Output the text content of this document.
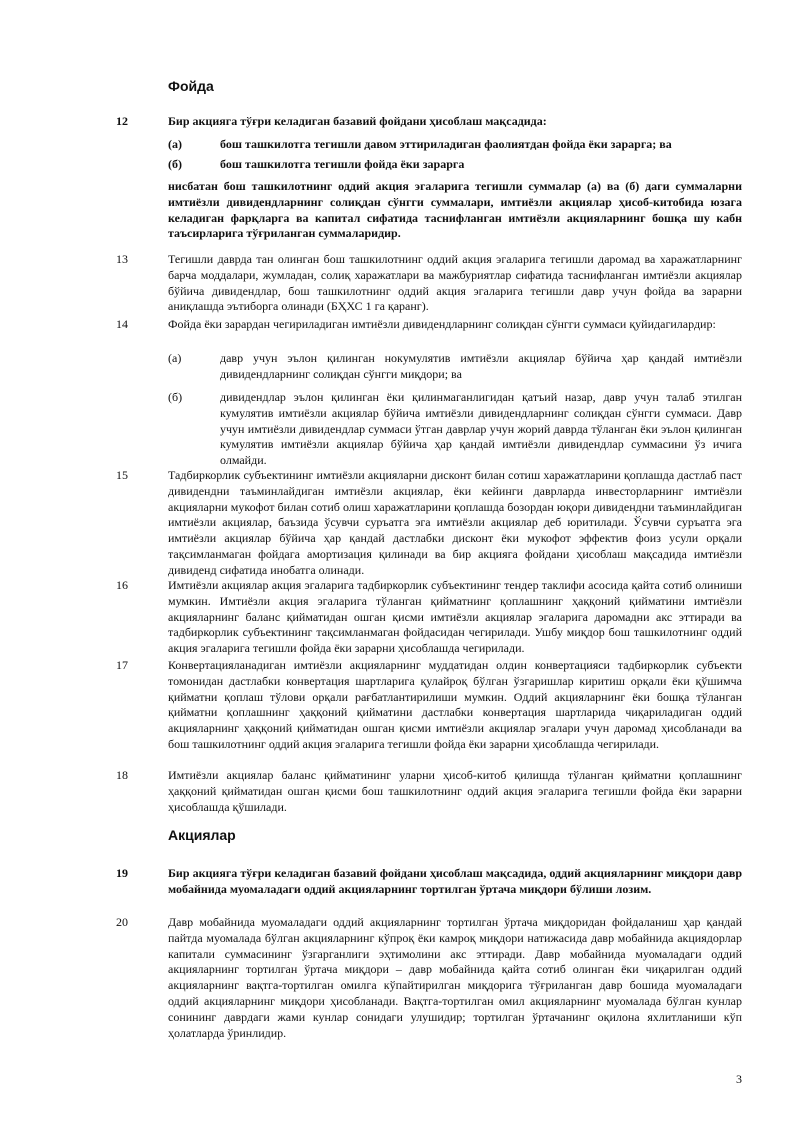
Фойда
12	Бир акцияга тўғри келадиган базавий фойдани ҳисоблаш мақсадида:
(а)	бош ташкилотга тегишли давом эттириладиган фаолиятдан фойда ёки зарарга; ва
(б)	бош ташкилотга тегишли фойда ёки зарарга
нисбатан бош ташкилотнинг оддий акция эгаларига тегишли суммалар (а) ва (б) даги суммаларни имтиёзли дивидендларнинг солиқдан сўнгги суммалари, имтиёзли акциялар ҳисоб-китобида юзага келадиган фарқларга ва капитал сифатида таснифланган имтиёзли акцияларнинг бошқа шу кабн таъсирларига тўғриланган суммаларидир.
13	Тегишли даврда тан олинган бош ташкилотнинг оддий акция эгаларига тегишли даромад ва харажатларнинг барча моддалари, жумладан, солиқ харажатлари ва мажбуриятлар сифатида таснифланган имтиёзли акциялар бўйича дивидендлар, бош ташкилотнинг оддий акция эгаларига тегишли давр учун фойда ва зарарни аниқлашда эътиборга олинади (БҲХС 1 га қаранг).
14	Фойда ёки зарардан чегириладиган имтиёзли дивидендларнинг солиқдан сўнгги суммаси қуйидагилардир:
(а)	давр учун эълон қилинган нокумулятив имтиёзли акциялар бўйича ҳар қандай имтиёзли дивидендларнинг солиқдан сўнгги миқдори; ва
(б)	дивидендлар эълон қилинган ёки қилинмаганлигидан қатъий назар, давр учун талаб этилган кумулятив имтиёзли акциялар бўйича имтиёзли дивидендларнинг солиқдан сўнгги суммаси. Давр учун имтиёзли дивидендлар суммаси ўтган даврлар учун жорий даврда тўланган ёки эълон қилинган кумулятив имтиёзли акциялар бўйича ҳар қандай имтиёзли дивидендлар суммасини ўз ичига олмайди.
15	Тадбиркорлик субъектининг имтиёзли акцияларни дисконт билан сотиш харажатларини қоплашда дастлаб паст дивидендни таъминлайдиган имтиёзли акциялар, ёки кейинги даврларда инвесторларнинг имтиёзли акцияларни мукофот билан сотиб олиш харажатларини қоплашда бозордан юқори дивидендни таъминлайдиган имтиёзли акциялар, баъзида ўсувчи суръатга эга имтиёзли акциялар деб юритилади. Ўсувчи суръатга эга имтиёзли акциялар бўйича ҳар қандай дастлабки дисконт ёки мукофот эффектив фоиз усули орқали тақсимланмаган фойдага амортизация қилинади ва бир акцияга фойдани ҳисоблаш мақсадида имтиёзли дивиденд сифатида инобатга олинади.
16	Имтиёзли акциялар акция эгаларига тадбиркорлик субъектининг тендер таклифи асосида қайта сотиб олиниши мумкин. Имтиёзли акция эгаларига тўланган қийматнинг қоплашнинг ҳаққоний қийматини имтиёзли акцияларнинг баланс қийматидан ошган қисми имтиёзли акциялар эгаларига даромадни акс эттиради ва тадбиркорлик субъектининг тақсимланмаган фойдасидан чегирилади. Ушбу миқдор бош ташкилотнинг оддий акция эгаларига тегишли фойда ёки зарарни ҳисоблашда чегирилади.
17	Конвертацияланадиган имтиёзли акцияларнинг муддатидан олдин конвертацияси тадбиркорлик субъекти томонидан дастлабки конвертация шартларига қулайроқ бўлган ўзгаришлар киритиш орқали ёки қўшимча қийматни қоплаш тўлови орқали рағбатлантирилиши мумкин. Оддий акцияларнинг ёки бошқа тўланган қийматни қоплашнинг ҳаққоний қийматини дастлабки конвертация шартларида чиқариладиган оддий акцияларнинг ҳаққоний қийматидан ошган қисми имтиёзли акциялар эгалари учун даромад ҳисобланади ва бош ташкилотнинг оддий акция эгаларига тегишли фойда ёки зарарни ҳисоблашда чегирилади.
18	Имтиёзли акциялар баланс қийматининг уларни ҳисоб-китоб қилишда тўланган қийматни қоплашнинг ҳаққоний қийматидан ошган қисми бош ташкилотнинг оддий акция эгаларига тегишли фойда ёки зарарни ҳисоблашда қўшилади.
Акциялар
19	Бир акцияга тўғри келадиган базавий фойдани ҳисоблаш мақсадида, оддий акцияларнинг миқдори давр мобайнида муомаладаги оддий акцияларнинг тортилган ўртача миқдори бўлиши лозим.
20	Давр мобайнида муомаладаги оддий акцияларнинг тортилган ўртача миқдоридан фойдаланиш ҳар қандай пайтда муомалада бўлган акцияларнинг кўпроқ ёки камроқ миқдори натижасида давр мобайнида акциядорлар капитали суммасининг ўзгарганлиги эҳтимолини акс эттиради. Давр мобайнида муомаладаги оддий акцияларнинг тортилган ўртача миқдори – давр мобайнида қайта сотиб олинган ёки чиқарилган оддий акцияларнинг вақтга-тортилган омилга кўпайтирилган миқдорига тўғриланган давр бошида муомаладаги оддий акцияларнинг миқдори ҳисобланади. Вақтга-тортилган омил акцияларнинг муомалада бўлган кунлар сонининг даврдаги жами кунлар сонидаги улушидир; тортилган ўртачанинг оқилона яхлитланиши кўп ҳолатларда ўринлидир.
3
